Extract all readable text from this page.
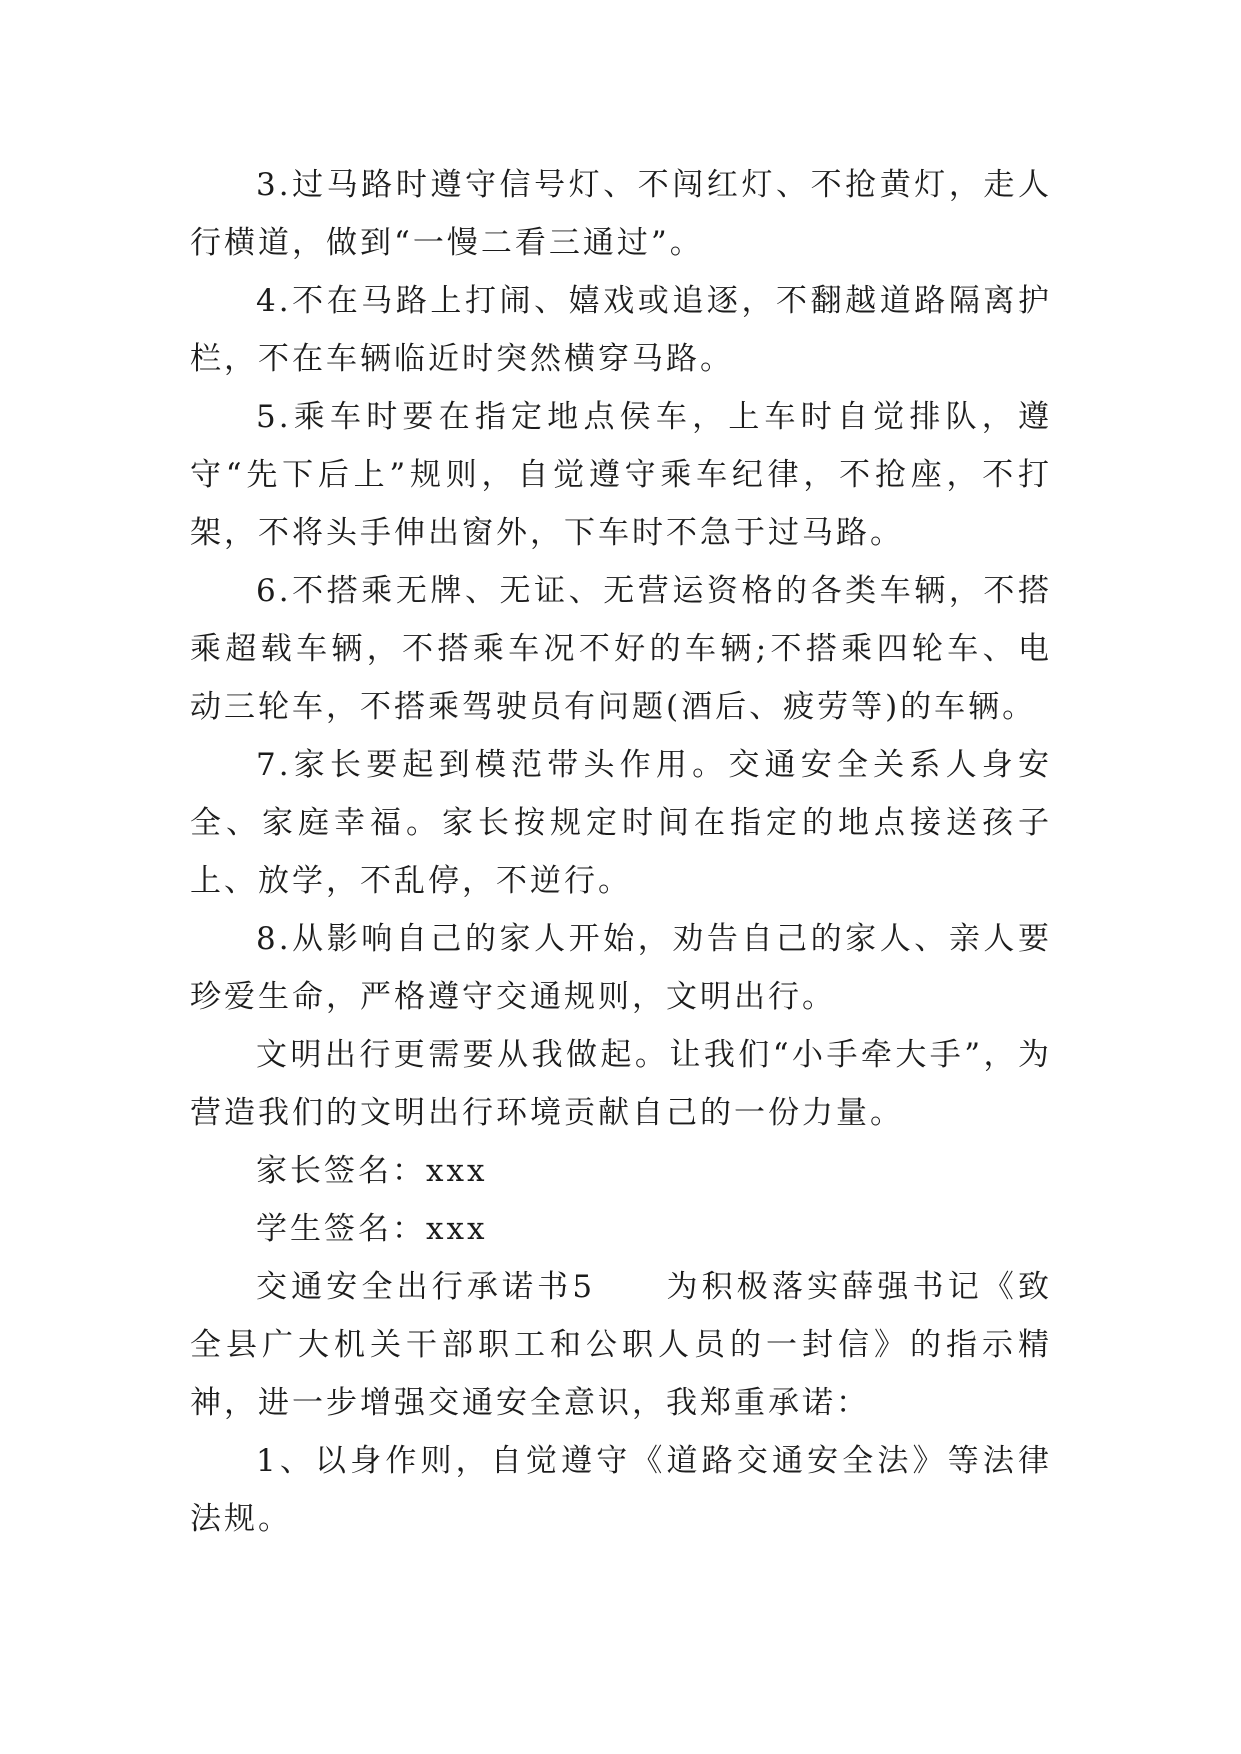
3.过马路时遵守信号灯、不闯红灯、不抢黄灯，走人行横道，做到“一慢二看三通过”。

4.不在马路上打闹、嬉戏或追逐，不翻越道路隔离护栏，不在车辆临近时突然横穿马路。

5.乘车时要在指定地点侯车，上车时自觉排队，遵守“先下后上”规则，自觉遵守乘车纪律，不抢座，不打架，不将头手伸出窗外，下车时不急于过马路。

6.不搭乘无牌、无证、无营运资格的各类车辆，不搭乘超载车辆，不搭乘车况不好的车辆;不搭乘四轮车、电动三轮车，不搭乘驾驶员有问题(酒后、疲劳等)的车辆。

7.家长要起到模范带头作用。交通安全关系人身安全、家庭幸福。家长按规定时间在指定的地点接送孩子上、放学，不乱停，不逆行。

8.从影响自己的家人开始，劝告自己的家人、亲人要珍爱生命，严格遵守交通规则，文明出行。

文明出行更需要从我做起。让我们“小手牵大手”，为营造我们的文明出行环境贡献自己的一份力量。

家长签名：xxx

学生签名：xxx

交通安全出行承诺书5　　为积极落实薛强书记《致全县广大机关干部职工和公职人员的一封信》的指示精神，进一步增强交通安全意识，我郑重承诺：

1、以身作则，自觉遵守《道路交通安全法》等法律法规。
